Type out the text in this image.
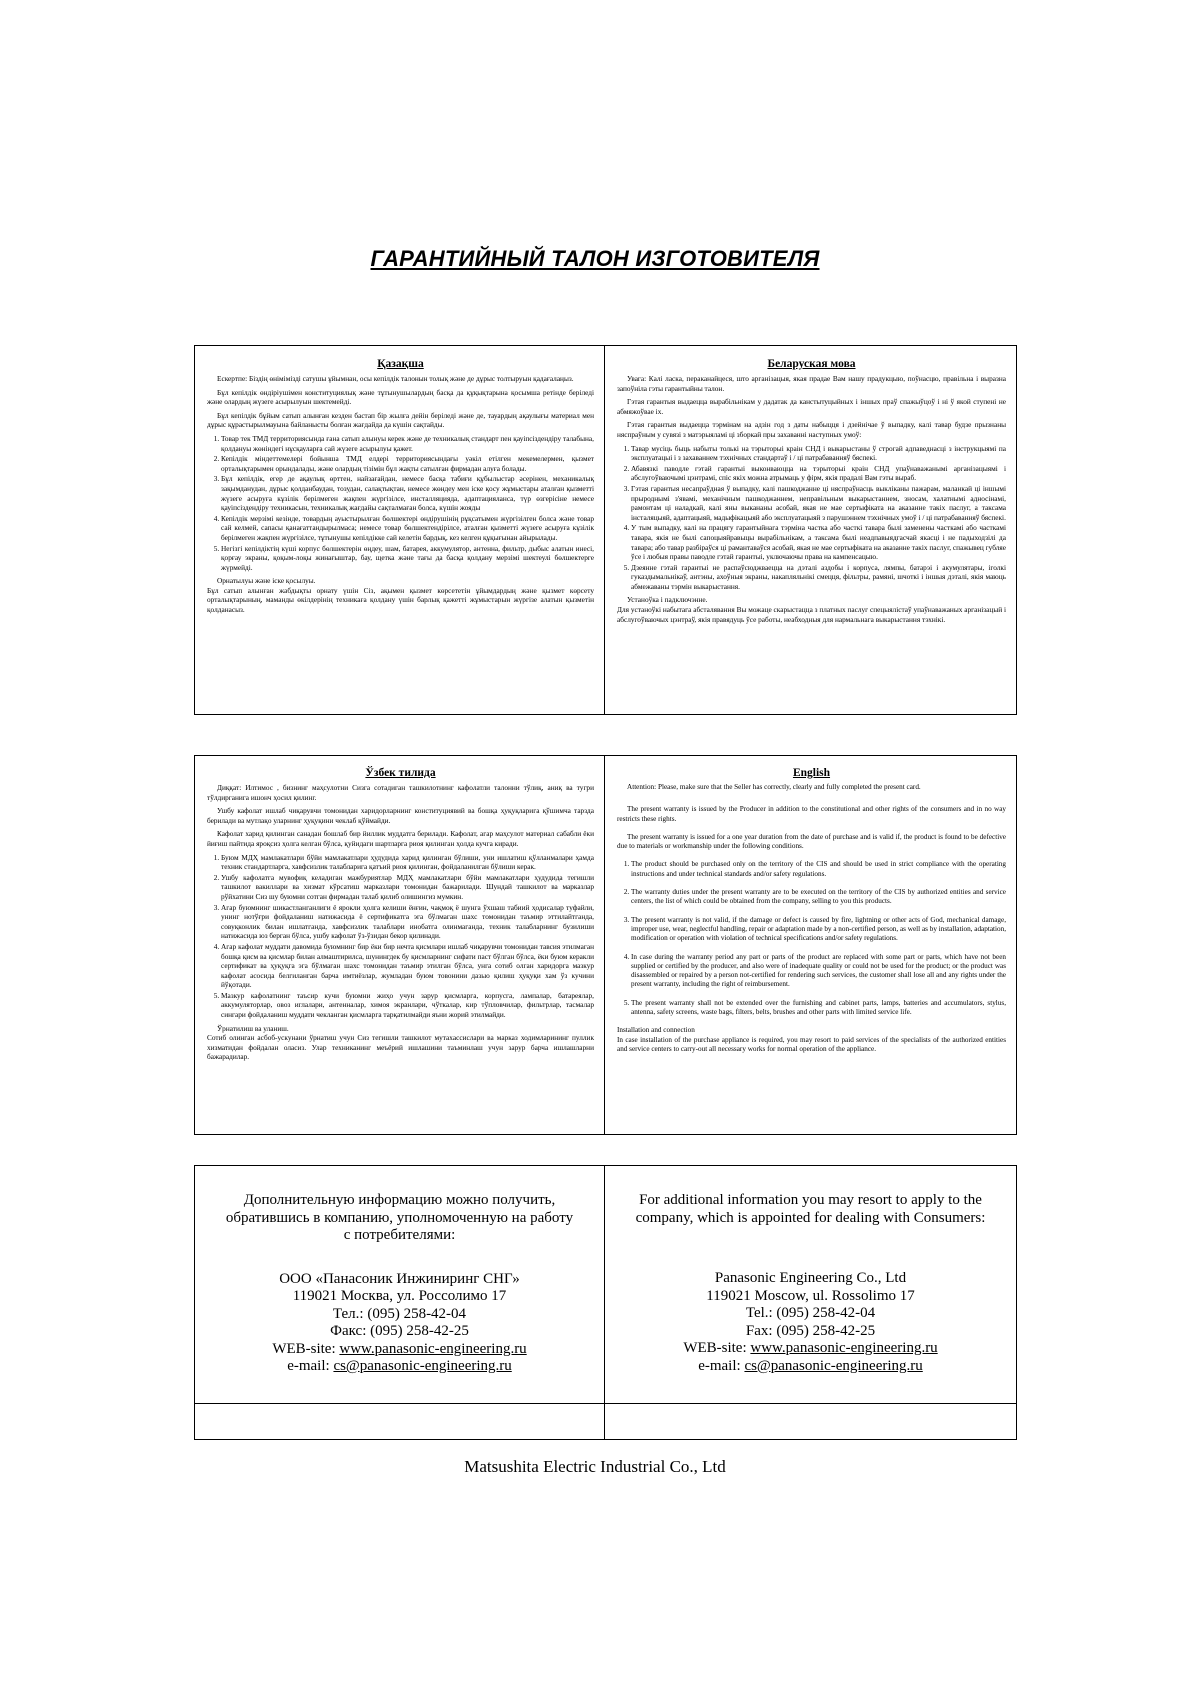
ГАРАНТИЙНЫЙ ТАЛОН ИЗГОТОВИТЕЛЯ
Қазақша
Ескертпе: Біздің өнімімізді сатушы ұйымнан, осы кепілдік талонын толық және де дұрыс толтыруын қадағалаңыз.
Бұл кепілдік өндіріушімен конституциялық және тұтынушылардың басқа да құқықтарына қосымша ретінде беріледі және олардың жүзеге асырылуын шектемейді.
Бұл кепілдік бұйым сатып алынған кезден бастап бір жылға дейін беріледі және де, тауардың ақаулығы материал мен дұрыс құрастырылмауына байланысты болған жағдайда да күшін сақтайды.
1. Товар тек ТМД территориясында ғана сатып алынуы керек және де техникалық стандарт пен қауіпсіздендіру талабына, қолдануы жөніндегі нұсқауларға сай жүзеге асырылуы қажет.
2. Кепілдік міндеттемелері бойынша ТМД елдері территориясындағы уәкіл етілген мекемелермен, қызмет орталықтарымен орындалады, және олардың тізімін бұл жақты сатылған фирмадан алуға болады.
3. Бұл кепілдік, егер де ақаулық өрттен, найзағайдан, немесе басқа табиғи құбылыстар әсерінен, механикалық зақымданудан, дұрыс қолданбаудан, тозудан, салақтықтан, немесе жөндеу мен іске қосу жұмыстары аталған қызметті жүзеге асыруға кұзілік берілмеген жақпен жүргізілсе, инсталляцияда, адаптацияланса, түр өзгерісіне немесе қауіпсіздендіру техникасын, техникалық жағдайы сақталмаған болса, күшін жояды
4. Кепілдік мерзімі кезінде, товардың ауыстырылған бөлшектері өндірушінің рұқсатымен жүргізілген болса және товар сай келмей, сапасы қанағаттандырылмаса; немесе товар бөлшектендірілсе, аталған қызметті жүзеге асыруға кұзілік берілмеген жақпен жүргізілсе, тұтынушы кепілдікке сай келетін бардық, кез келген құқығынан айырылады.
5. Негізгі кепілдіктің күші корпус бөлшектерін өңдеу, шам, батарея, аккумулятор, антенна, фильтр, дыбыс алатын инесі, қорғау экраны, қоқым-лоқы жинағыштар, бау, щетка және тағы да басқа қолдану мерзімі шектеулі бөлшектерге жүрмейді.
Орнатылуы және іске қосылуы.
Бұл сатып алынған жабдықты орнату үшін Сіз, ақымен қызмет көрсететін ұйымдардың және қызмет көрсету орталықтарының, маманды өкілдерінің техникаға қолдану үшін барлық қажетті жұмыстарын жүргізе алатын қызметін қолданасыз.
Беларуская мова
Увага: Калі ласка, пераканайцеся, што арганізацыя, якая прадае Вам нашу прадукцыю, поўнасцю, правільна і выразна запоўніла гэты гарантыйны талон.
Гэтая гарантыя выдаецца вырабільнікам у дадатак да канстытуцыйных і іншых праў спажыўцоў і ні ў якой ступені не абмяжоўвае іх.
Гэтая гарантыя выдаецца тэрмінам на адзін год з даты набыцця і дзейнічае ў выпадку, калі тавар будзе прызнаны няспраўным у сувязі з матэрыяламі ці зборкай пры захаванні наступных умоў:
1. Тавар мусіць быць набыты толькі на тэрыторыі краін СНД і выкарыстаны ў строгай адпаведнасці з інструкцыямі па эксплуатацыі і з захаваннем тэхнічных стандартаў і / ці патрабаванняў бяспекі.
2. Абавязкі паводле гэтай гарантыі выконваюцца на тэрыторыі краін СНД упаўнаважанымі арганізацыямі і абслугоўваючымі цэнтрамі, спіс якіх можна атрымаць у фірм, якія прадалі Вам гэты выраб.
3. Гэтая гарантыя несапраўдная ў выпадку, калі пашкоджанне ці няспраўнасць выкліканы пажарам, маланкай ці іншымі прыроднымі з'явамі, механічным пашкоджаннем, неправільным выкарыстаннем, зносам, халатнымі адносінамі, рамонтам ці наладкай, калі яны выкананы асобай, якая не мае сертыфіката на аказанне такіх паслуг, а таксама інсталяцыяй, адаптацыяй, мадыфікацыяй або эксплуатацыяй з парушэннем тэхнічных умоў і / ці патрабаванняў бяспекі.
4. У тым выпадку, калі на працягу гарантыйнага тэрміна частка або часткі тавара былі заменены часткамі або часткамі тавара, якія не былі сапоцыяйравыцы вырабільнікам, а таксама былі неадпавыядгасчай якасці і не падыходзілі да тавара; або тавар разбіраўся ці рамантаваўся асобай, якая не мае сертыфіката на аказанне такіх паслуг, спажывец губляе ўсе і любыя правы паводле гэтай гарантыі, уключаючы права на кампенсацыю.
5. Дзеянне гэтай гарантыі не распаўсюджваецца на дэталі аздобы і корпуса, лямпы, батарэі і акумулятары, іголкі гуказдымальнікаў, антэны, ахоўныя экраны, накапляльнікі смецця, фільтры, рамяні, шчоткі і іншыя дэталі, якія маюць абмежаваны тэрмін выкарыстання.
Устаноўка і падключэнне.
Для устаноўкі набытага абсталявання Вы можаце скарыстацца з платных паслуг спецыялістаў упаўнаважаных арганізацый і абслугоўваючых цэнтраў, якія правядуць ўсе работы, неабходныя для нармальнага выкарыстання тэхнікі.
Ўзбек тилида
Диққат: Илтимос , бизнинг маҳсулотни Сизга сотадиган ташкилотнинг кафолатли талонни тўлиқ, аниқ ва тугри тўлдирганига ишонч ҳосил қилинг.
Ушбу кафолат ишлаб чиқарувчи томонидан харидорларнинг конституциявий ва бошқа ҳуқуқларига қўшимча тарзда берилади ва мутлақо уларнинг ҳуқуқини чеклаб қўймайди.
Кафолат харид қилинган санадан бошлаб бир йиллик муддатга берилади. Кафолат, агар маҳсулот материал сабабли ёки йиғиш пайтида яроқсиз ҳолга келган бўлса, қуйидаги шартларга риоя қилинган ҳолда кучга киради.
1. Буюм МДҲ мамлакатлари бўйи мамлакатлари ҳудудида харид қилинган бўлиши, уни ишлатиш қўлланмалари ҳамда техник стандартларга, хавфсизлик талабларига қатъий риоя қилинган, фойдаланилган бўлиши керак.
2. Ушбу кафолатга мувофиқ келадиган мажбуриятлар МДҲ мамлакатлари бўйи мамлакатлари ҳудудида тегишли ташкилот вакиллари ва хизмат кўрсатиш марказлари томонидан бажарилади. Шундай ташкилот ва марказлар рўйхатини Сиз шу буюмни сотган фирмадан талаб қилиб олишингиз мумкин.
3. Агар буюмнинг шикастланганлиги ё ярокли ҳолга келиши ёнғин, чақмоқ ё шунга ўхшаш табиий ҳодисалар туфайли, унинг нотўғри фойдаланиш натижасида ё сертификатга эга бўлмаган шахс томонидан таъмир эттилайтганда, совуқконлик билан ишлатганда, хавфсизлик талаблари инобатга олинмаганда, техник талабларнинг бузилиши натижасида юз берган бўлса, ушбу кафолат ўз-ўзидан бекор қилинади.
4. Агар кафолат муддати давомида буюмнинг бир ёки бир нечта қисмлари ишлаб чиқарувчи томонидан тавсия этилмаган бошқа қисм ва қисмлар билан алмаштирилса, шунингдек бу қисмларнинг сифати паст бўлган бўлса, ёки буюм керакли сертификат ва ҳуқуқга эга бўлмаган шахс томонидан таъмир этилган бўлса, унга сотиб олган харидорга мазкур кафолат асосида белгиланган барча имтиёзлар, жумладан буюм товонини дазыо қилиш ҳуқуқи хам ўз кучини йўқотади.
5. Мазкур кафолатнинг таъсир кучи буюмни жиҳо учун зарур қисмларга, корпусга, лампалар, батареялар, аккумуляторлар, овоз иглалари, антенналар, химоя экранлари, чўткалар, кир тўпловчилар, фильтрлар, тасмалар сингари фойдаланиш муддати чекланган қисмларга тарқатилмайди яъни жорий этилмайди.
Ўрнатилиш ва уланиш.
Сотиб олинган асбоб-ускунани ўрнатиш учун Сиз тегишли ташкилот мутахассислари ва марказ ходимларининг пуллик хизматидан фойдалан оласиз. Улар техниканинг меъёрий ишлашини таъминлаш учун зарур барча ишлашларни бажарадилар.
English
Attention: Please, make sure that the Seller has correctly, clearly and fully completed the present card.
The present warranty is issued by the Producer in addition to the constitutional and other rights of the consumers and in no way restricts these rights.
The present warranty is issued for a one year duration from the date of purchase and is valid if, the product is found to be defective due to materials or workmanship under the following conditions.
1. The product should be purchased only on the territory of the CIS and should be used in strict compliance with the operating instructions and under technical standards and/or safety regulations.
2. The warranty duties under the present warranty are to be executed on the territory of the CIS by authorized entities and service centers, the list of which could be obtained from the company, selling to you this products.
3. The present warranty is not valid, if the damage or defect is caused by fire, lightning or other acts of God, mechanical damage, improper use, wear, neglectful handling, repair or adaptation made by a non-certified person, as well as by installation, adaptation, modification or operation with violation of technical specifications and/or safety regulations.
4. In case during the warranty period any part or parts of the product are replaced with some part or parts, which have not been supplied or certified by the producer, and also were of inadequate quality or could not be used for the product; or the product was disassembled or repaired by a person not-certified for rendering such services, the customer shall lose all and any rights under the present warranty, including the right of reimbursement.
5. The present warranty shall not be extended over the furnishing and cabinet parts, lamps, batteries and accumulators, stylus, antenna, safety screens, waste bags, filters, belts, brushes and other parts with limited service life.
Installation and connection
In case installation of the purchase appliance is required, you may resort to paid services of the specialists of the authorized entities and service centers to carry-out all necessary works for normal operation of the appliance.
Дополнительную информацию можно получить,
обратившись в компанию, уполномоченную на работу
с потребителями:
ООО «Панасоник Инжиниринг СНГ»
119021 Москва, ул. Россолимо 17
Тел.: (095) 258-42-04
Факс: (095) 258-42-25
WEB-site: www.panasonic-engineering.ru
e-mail: cs@panasonic-engineering.ru
For additional information you may resort to apply to the
company, which is appointed for dealing with Consumers:
Panasonic Engineering Co., Ltd
119021 Moscow, ul. Rossolimo 17
Tel.: (095) 258-42-04
Fax: (095) 258-42-25
WEB-site: www.panasonic-engineering.ru
e-mail: cs@panasonic-engineering.ru
Matsushita Electric Industrial Co., Ltd
